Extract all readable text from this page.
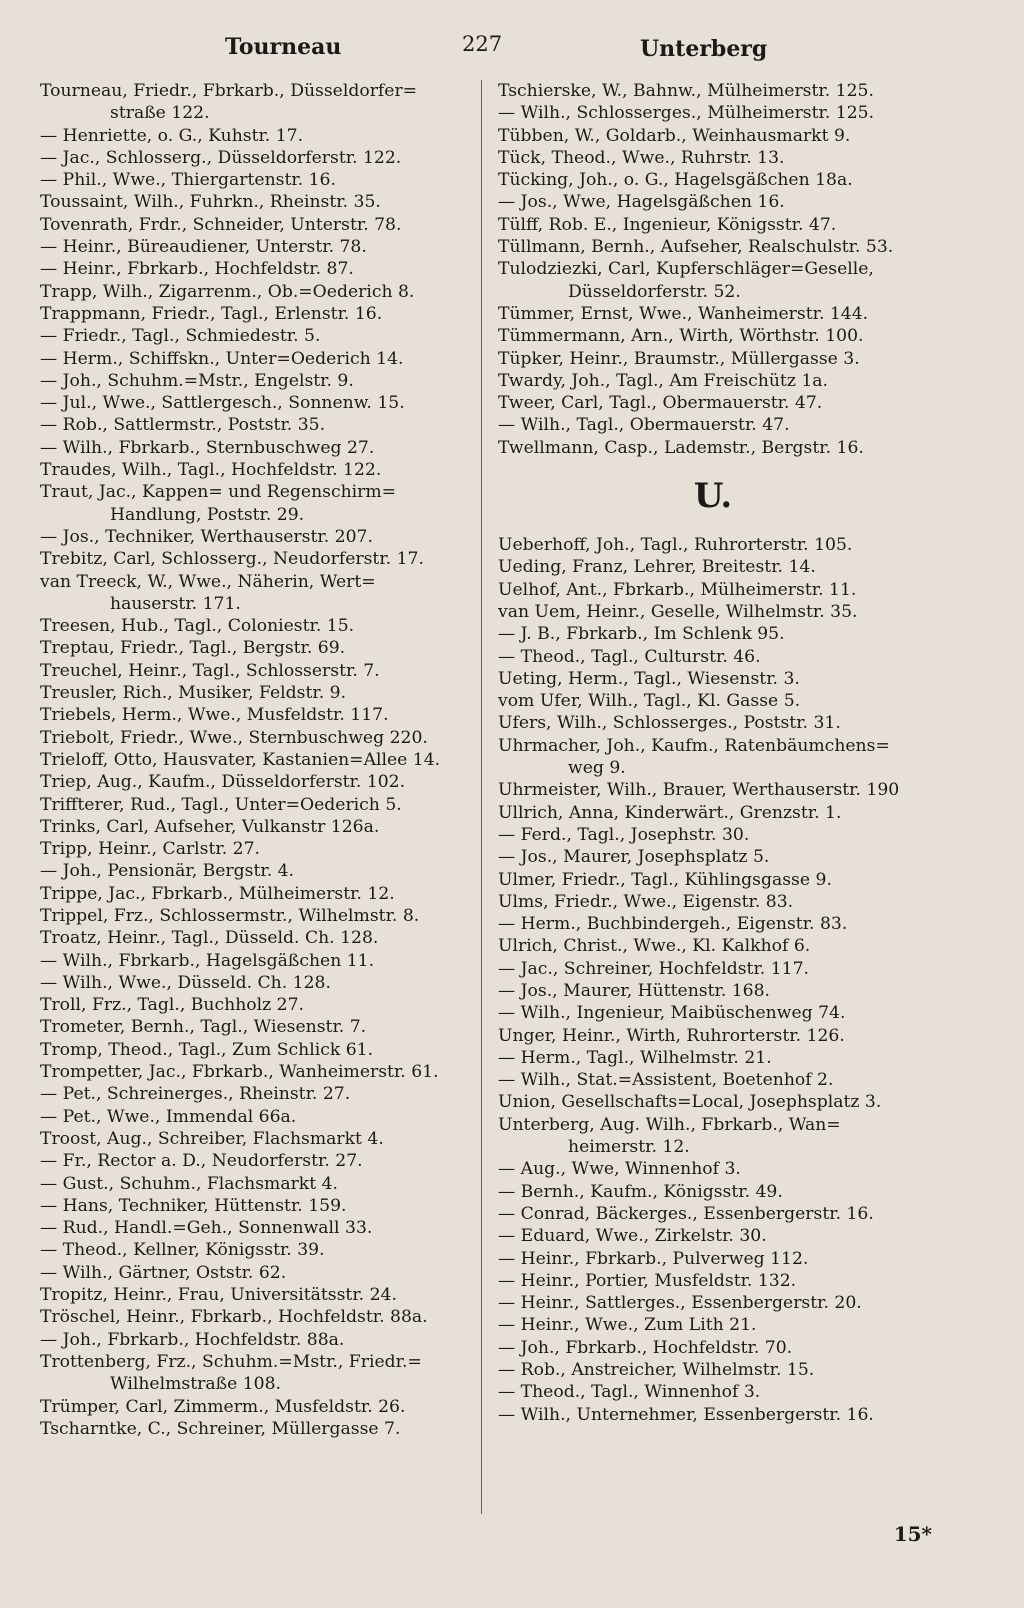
Tourneau	227	Unterberg
Tourneau, Friedr., Fbrkarb., Düsseldorfer=
straße 122.
— Henriette, o. G., Kuhstr. 17.
— Jac., Schlosserg., Düsseldorferstr. 122.
— Phil., Wwe., Thiergartenstr. 16.
Toussaint, Wilh., Fuhrkn., Rheinstr. 35.
Tovenrath, Frdr., Schneider, Unterstr. 78.
— Heinr., Büreaudiener, Unterstr. 78.
— Heinr., Fbrkarb., Hochfeldstr. 87.
Trapp, Wilh., Zigarrenm., Ob.=Oederich 8.
Trappmann, Friedr., Tagl., Erlenstr. 16.
— Friedr., Tagl., Schmiedestr. 5.
— Herm., Schiffskn., Unter=Oederich 14.
— Joh., Schuhm.=Mstr., Engelstr. 9.
— Jul., Wwe., Sattlergesch., Sonnenw. 15.
— Rob., Sattlermstr., Poststr. 35.
— Wilh., Fbrkarb., Sternbuschweg 27.
Traudes, Wilh., Tagl., Hochfeldstr. 122.
Traut, Jac., Kappen= und Regenschirm=
Handlung, Poststr. 29.
— Jos., Techniker, Werthauserstr. 207.
Trebitz, Carl, Schlosserg., Neudorferstr. 17.
van Treeck, W., Wwe., Näherin, Wert=
hauserstr. 171.
Treesen, Hub., Tagl., Coloniestr. 15.
Treptau, Friedr., Tagl., Bergstr. 69.
Treuchel, Heinr., Tagl., Schlosserstr. 7.
Treusler, Rich., Musiker, Feldstr. 9.
Triebels, Herm., Wwe., Musfeldstr. 117.
Triebolt, Friedr., Wwe., Sternbuschweg 220.
Trieloff, Otto, Hausvater, Kastanien=Allee 14.
Triep, Aug., Kaufm., Düsseldorferstr. 102.
Triffterer, Rud., Tagl., Unter=Oederich 5.
Trinks, Carl, Aufseher, Vulkanstr 126a.
Tripp, Heinr., Carlstr. 27.
— Joh., Pensionär, Bergstr. 4.
Trippe, Jac., Fbrkarb., Mülheimerstr. 12.
Trippel, Frz., Schlossermstr., Wilhelmstr. 8.
Troatz, Heinr., Tagl., Düsseld. Ch. 128.
— Wilh., Fbrkarb., Hagelsgäßchen 11.
— Wilh., Wwe., Düsseld. Ch. 128.
Troll, Frz., Tagl., Buchholz 27.
Trometer, Bernh., Tagl., Wiesenstr. 7.
Tromp, Theod., Tagl., Zum Schlick 61.
Trompetter, Jac., Fbrkarb., Wanheimerstr. 61.
— Pet., Schreinerges., Rheinstr. 27.
— Pet., Wwe., Immendal 66a.
Troost, Aug., Schreiber, Flachsmarkt 4.
— Fr., Rector a. D., Neudorferstr. 27.
— Gust., Schuhm., Flachsmarkt 4.
— Hans, Techniker, Hüttenstr. 159.
— Rud., Handl.=Geh., Sonnenwall 33.
— Theod., Kellner, Königsstr. 39.
— Wilh., Gärtner, Oststr. 62.
Tropitz, Heinr., Frau, Universitätsstr. 24.
Tröschel, Heinr., Fbrkarb., Hochfeldstr. 88a.
— Joh., Fbrkarb., Hochfeldstr. 88a.
Trottenberg, Frz., Schuhm.=Mstr., Friedr.=
Wilhelmstraße 108.
Trümper, Carl, Zimmerm., Musfeldstr. 26.
Tscharntke, C., Schreiner, Müllergasse 7.
Tschierske, W., Bahnw., Mülheimerstr. 125.
— Wilh., Schlosserges., Mülheimerstr. 125.
Tübben, W., Goldarb., Weinhausmarkt 9.
Tück, Theod., Wwe., Ruhrstr. 13.
Tücking, Joh., o. G., Hagelsgäßchen 18a.
— Jos., Wwe, Hagelsgäßchen 16.
Tülff, Rob. E., Ingenieur, Königsstr. 47.
Tüllmann, Bernh., Aufseher, Realschulstr. 53.
Tulodziezki, Carl, Kupferschläger=Geselle,
Düsseldorferstr. 52.
Tümmer, Ernst, Wwe., Wanheimerstr. 144.
Tümmermann, Arn., Wirth, Wörthstr. 100.
Tüpker, Heinr., Braumstr., Müllergasse 3.
Twardy, Joh., Tagl., Am Freischütz 1a.
Tweer, Carl, Tagl., Obermauerstr. 47.
— Wilh., Tagl., Obermauerstr. 47.
Twellmann, Casp., Lademstr., Bergstr. 16.
U.
Ueberhoff, Joh., Tagl., Ruhrorterstr. 105.
Ueding, Franz, Lehrer, Breitestr. 14.
Uelhof, Ant., Fbrkarb., Mülheimerstr. 11.
van Uem, Heinr., Geselle, Wilhelmstr. 35.
— J. B., Fbrkarb., Im Schlenk 95.
— Theod., Tagl., Culturstr. 46.
Ueting, Herm., Tagl., Wiesenstr. 3.
vom Ufer, Wilh., Tagl., Kl. Gasse 5.
Ufers, Wilh., Schlosserges., Poststr. 31.
Uhrmacher, Joh., Kaufm., Ratenbäumchens=
weg 9.
Uhrmeister, Wilh., Brauer, Werthauserstr. 190
Ullrich, Anna, Kinderwärt., Grenzstr. 1.
— Ferd., Tagl., Josephstr. 30.
— Jos., Maurer, Josephsplatz 5.
Ulmer, Friedr., Tagl., Kühlingsgasse 9.
Ulms, Friedr., Wwe., Eigenstr. 83.
— Herm., Buchbindergeh., Eigenstr. 83.
Ulrich, Christ., Wwe., Kl. Kalkhof 6.
— Jac., Schreiner, Hochfeldstr. 117.
— Jos., Maurer, Hüttenstr. 168.
— Wilh., Ingenieur, Maibüschenweg 74.
Unger, Heinr., Wirth, Ruhrorterstr. 126.
— Herm., Tagl., Wilhelmstr. 21.
— Wilh., Stat.=Assistent, Boetenhof 2.
Union, Gesellschafts=Local, Josephsplatz 3.
Unterberg, Aug. Wilh., Fbrkarb., Wan=
heimerstr. 12.
— Aug., Wwe, Winnenhof 3.
— Bernh., Kaufm., Königsstr. 49.
— Conrad, Bäckerges., Essenbergerstr. 16.
— Eduard, Wwe., Zirkelstr. 30.
— Heinr., Fbrkarb., Pulverweg 112.
— Heinr., Portier, Musfeldstr. 132.
— Heinr., Sattlerges., Essenbergerstr. 20.
— Heinr., Wwe., Zum Lith 21.
— Joh., Fbrkarb., Hochfeldstr. 70.
— Rob., Anstreicher, Wilhelmstr. 15.
— Theod., Tagl., Winnenhof 3.
— Wilh., Unternehmer, Essenbergerstr. 16.
15*
